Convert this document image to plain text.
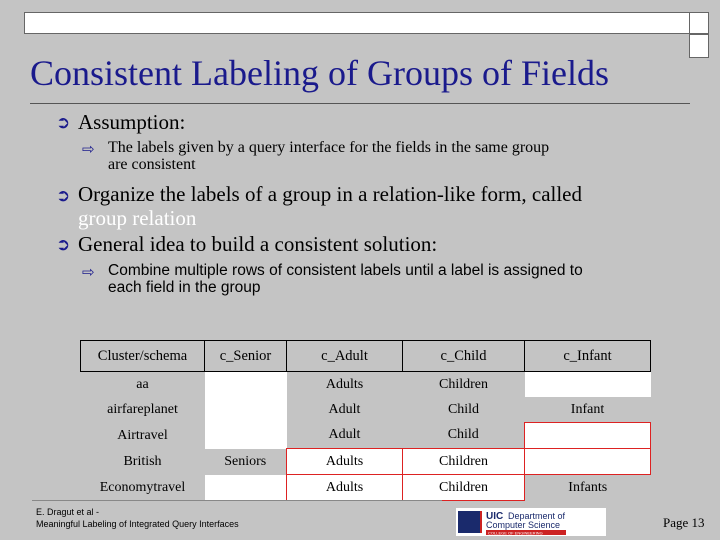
Consistent Labeling of Groups of Fields
➲ Assumption:
⇨ The labels given by a query interface for the fields in the same group
are consistent
➲ Organize the labels of a group in a relation-like form, called
group relation
➲ General idea to build a consistent solution:
⇨ Combine multiple rows of consistent labels until a label is assigned to
each field in the group
Cluster/schema	c_Senior	c_Adult	c_Child	c_Infant
aa		Adults	Children	
airfareplanet		Adult	Child	Infant
Airtravel		Adult	Child	
British	Seniors	Adults	Children	
Economytravel		Adults	Children	Infants
E. Dragut et al -
Meaningful Labeling of Integrated Query Interfaces
UIC Department of
Computer Science
COLLEGE OF ENGINEERING
Page 13
